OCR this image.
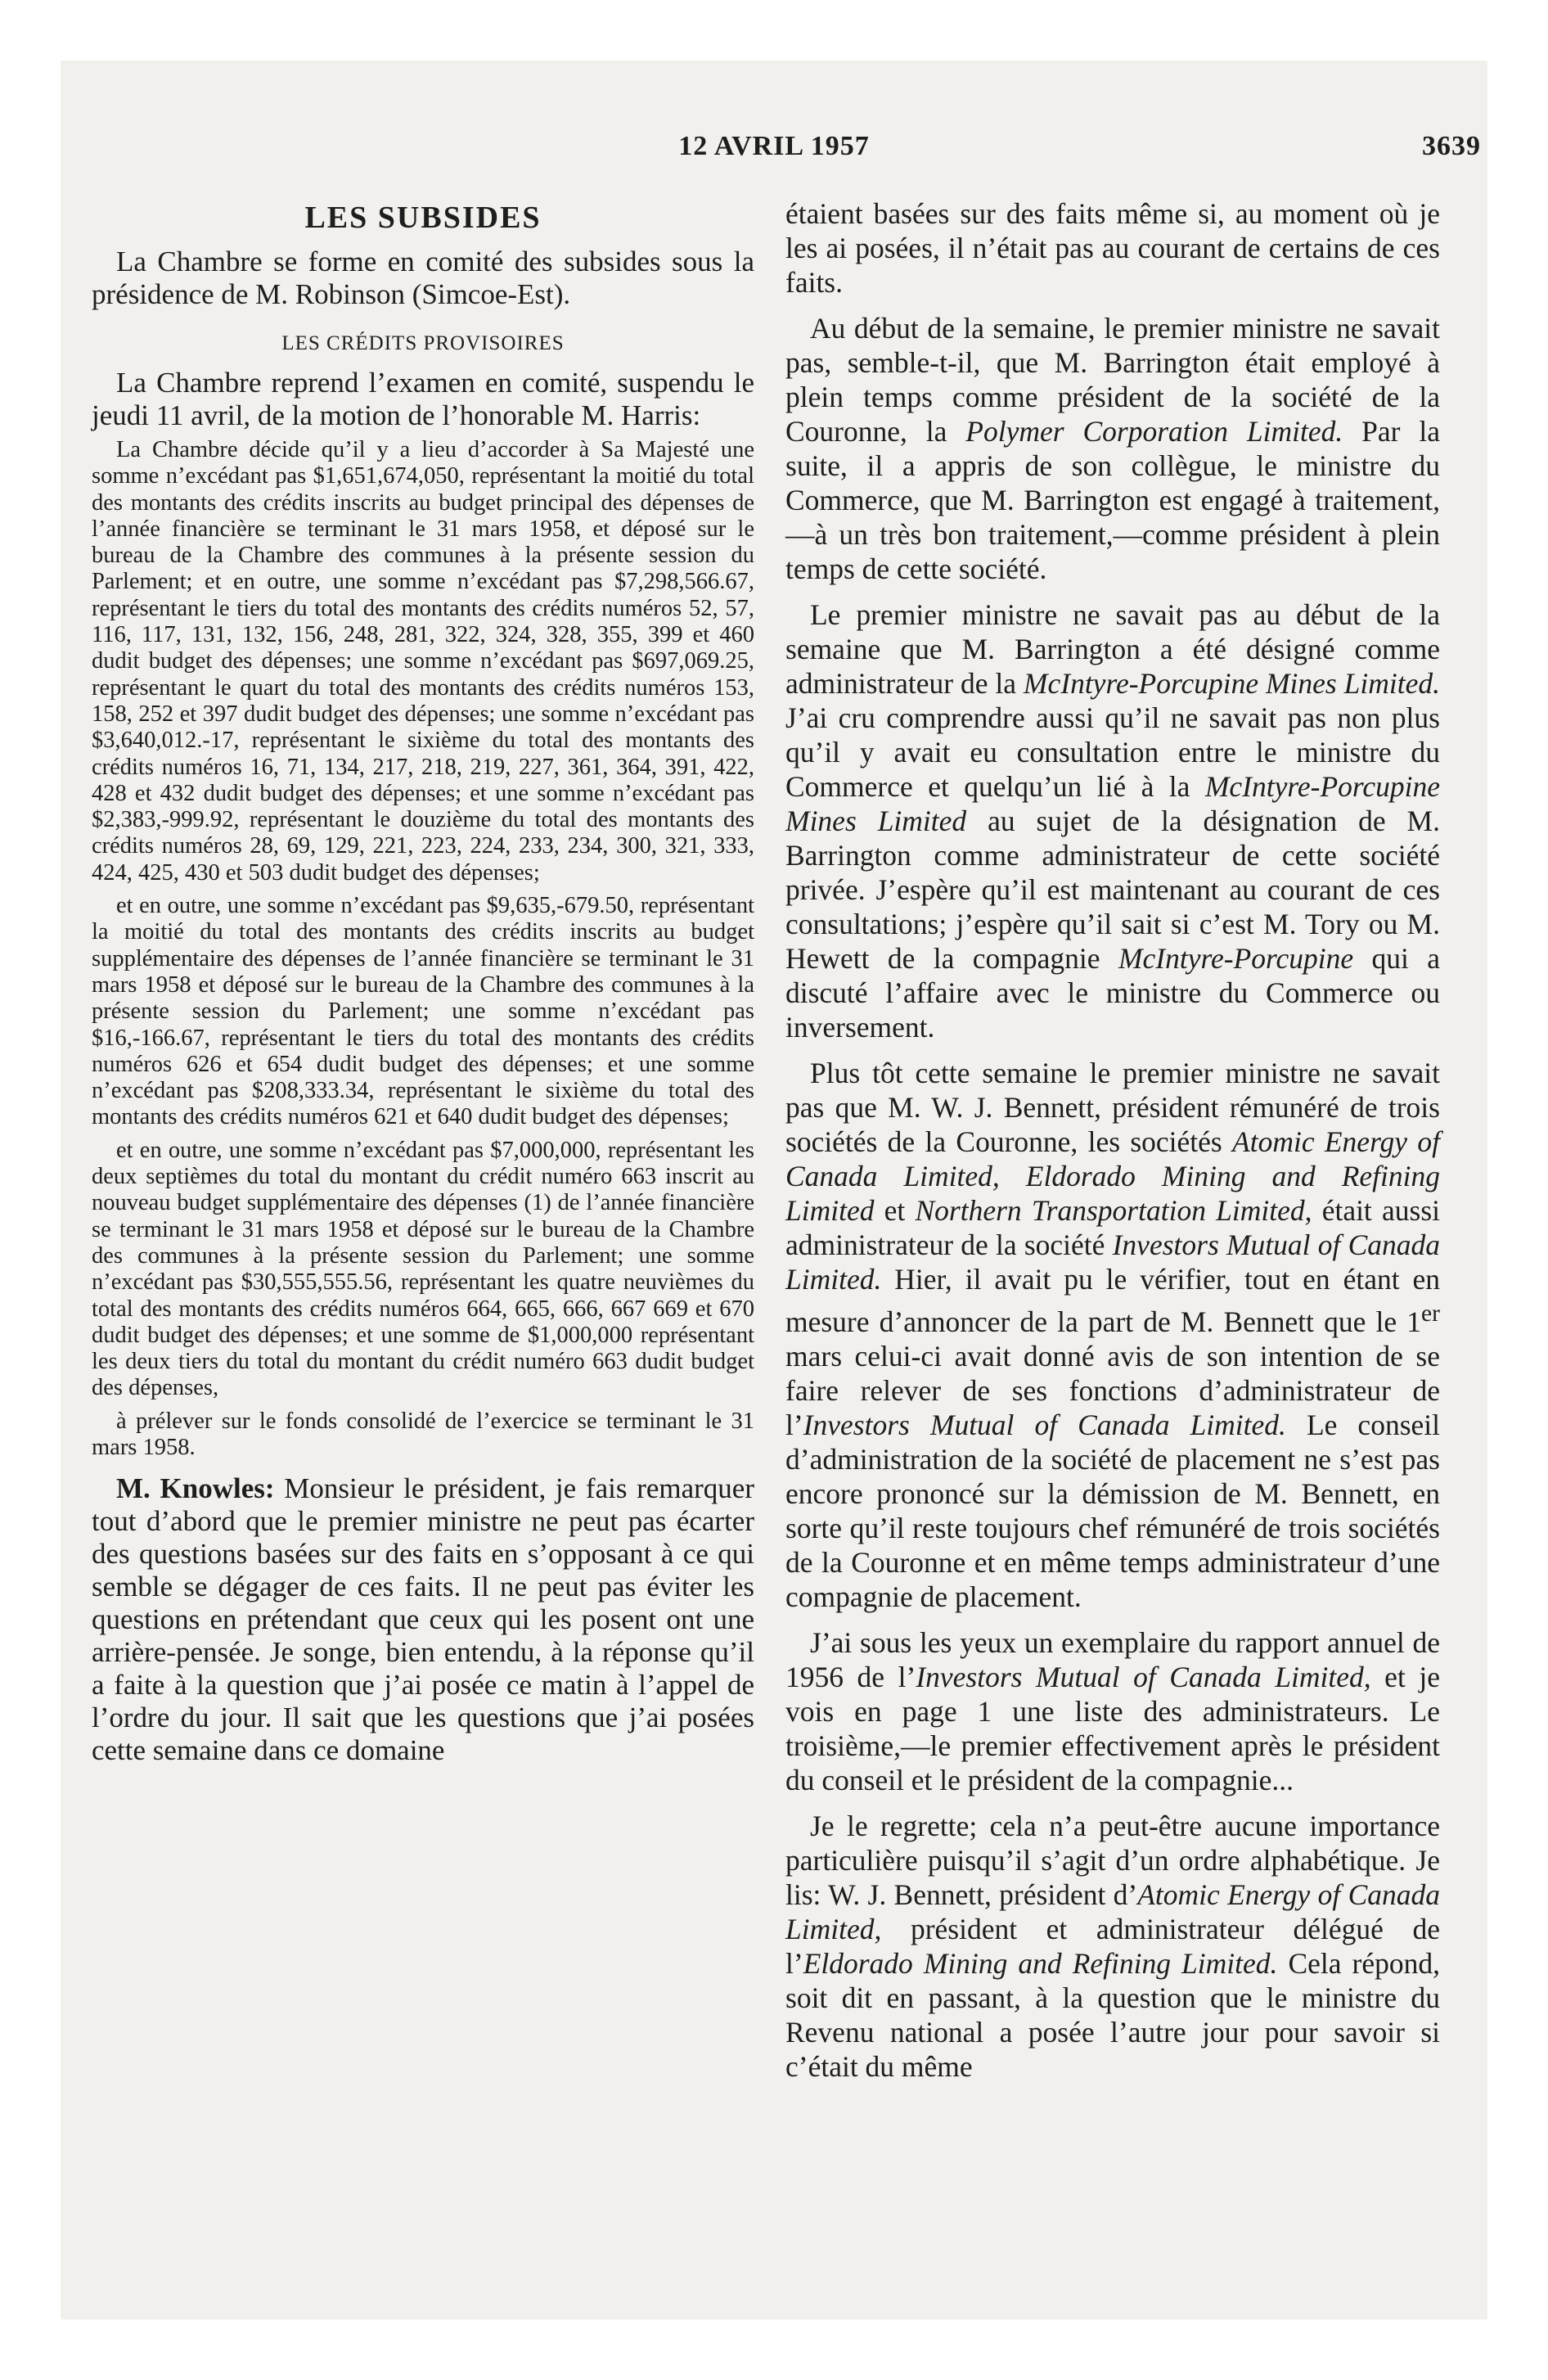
12 AVRIL 1957	3639
LES SUBSIDES

La Chambre se forme en comité des subsides sous la présidence de M. Robinson (Simcoe-Est).

LES CRÉDITS PROVISOIRES

La Chambre reprend l’examen en comité, suspendu le jeudi 11 avril, de la motion de l’honorable M. Harris:

La Chambre décide qu’il y a lieu d’accorder à Sa Majesté une somme n’excédant pas $1,651,674,050, représentant la moitié du total des montants des crédits inscrits au budget principal des dépenses de l’année financière se terminant le 31 mars 1958, et déposé sur le bureau de la Chambre des communes à la présente session du Parlement; et en outre, une somme n’excédant pas $7,298,566.67, représentant le tiers du total des montants des crédits numéros 52, 57, 116, 117, 131, 132, 156, 248, 281, 322, 324, 328, 355, 399 et 460 dudit budget des dépenses; une somme n’excédant pas $697,069.25, représentant le quart du total des montants des crédits numéros 153, 158, 252 et 397 dudit budget des dépenses; une somme n’excédant pas $3,640,012.-17, représentant le sixième du total des montants des crédits numéros 16, 71, 134, 217, 218, 219, 227, 361, 364, 391, 422, 428 et 432 dudit budget des dépenses; et une somme n’excédant pas $2,383,-999.92, représentant le douzième du total des montants des crédits numéros 28, 69, 129, 221, 223, 224, 233, 234, 300, 321, 333, 424, 425, 430 et 503 dudit budget des dépenses;

et en outre, une somme n’excédant pas $9,635,-679.50, représentant la moitié du total des montants des crédits inscrits au budget supplémentaire des dépenses de l’année financière se terminant le 31 mars 1958 et déposé sur le bureau de la Chambre des communes à la présente session du Parlement; une somme n’excédant pas $16,-166.67, représentant le tiers du total des montants des crédits numéros 626 et 654 dudit budget des dépenses; et une somme n’excédant pas $208,333.34, représentant le sixième du total des montants des crédits numéros 621 et 640 dudit budget des dépenses;

et en outre, une somme n’excédant pas $7,000,000, représentant les deux septièmes du total du montant du crédit numéro 663 inscrit au nouveau budget supplémentaire des dépenses (1) de l’année financière se terminant le 31 mars 1958 et déposé sur le bureau de la Chambre des communes à la présente session du Parlement; une somme n’excédant pas $30,555,555.56, représentant les quatre neuvièmes du total des montants des crédits numéros 664, 665, 666, 667 669 et 670 dudit budget des dépenses; et une somme de $1,000,000 représentant les deux tiers du total du montant du crédit numéro 663 dudit budget des dépenses,

à prélever sur le fonds consolidé de l’exercice se terminant le 31 mars 1958.

M. Knowles: Monsieur le président, je fais remarquer tout d’abord que le premier ministre ne peut pas écarter des questions basées sur des faits en s’opposant à ce qui semble se dégager de ces faits. Il ne peut pas éviter les questions en prétendant que ceux qui les posent ont une arrière-pensée. Je songe, bien entendu, à la réponse qu’il a faite à la question que j’ai posée ce matin à l’appel de l’ordre du jour. Il sait que les questions que j’ai posées cette semaine dans ce domaine

étaient basées sur des faits même si, au moment où je les ai posées, il n’était pas au courant de certains de ces faits.

Au début de la semaine, le premier ministre ne savait pas, semble-t-il, que M. Barrington était employé à plein temps comme président de la société de la Couronne, la Polymer Corporation Limited. Par la suite, il a appris de son collègue, le ministre du Commerce, que M. Barrington est engagé à traitement,—à un très bon traitement,—comme président à plein temps de cette société.

Le premier ministre ne savait pas au début de la semaine que M. Barrington a été désigné comme administrateur de la McIntyre-Porcupine Mines Limited. J’ai cru comprendre aussi qu’il ne savait pas non plus qu’il y avait eu consultation entre le ministre du Commerce et quelqu’un lié à la McIntyre-Porcupine Mines Limited au sujet de la désignation de M. Barrington comme administrateur de cette société privée. J’espère qu’il est maintenant au courant de ces consultations; j’espère qu’il sait si c’est M. Tory ou M. Hewett de la compagnie McIntyre-Porcupine qui a discuté l’affaire avec le ministre du Commerce ou inversement.

Plus tôt cette semaine le premier ministre ne savait pas que M. W. J. Bennett, président rémunéré de trois sociétés de la Couronne, les sociétés Atomic Energy of Canada Limited, Eldorado Mining and Refining Limited et Northern Transportation Limited, était aussi administrateur de la société Investors Mutual of Canada Limited. Hier, il avait pu le vérifier, tout en étant en mesure d’annoncer de la part de M. Bennett que le 1er mars celui-ci avait donné avis de son intention de se faire relever de ses fonctions d’administrateur de l’Investors Mutual of Canada Limited. Le conseil d’administration de la société de placement ne s’est pas encore prononcé sur la démission de M. Bennett, en sorte qu’il reste toujours chef rémunéré de trois sociétés de la Couronne et en même temps administrateur d’une compagnie de placement.

J’ai sous les yeux un exemplaire du rapport annuel de 1956 de l’Investors Mutual of Canada Limited, et je vois en page 1 une liste des administrateurs. Le troisième,—le premier effectivement après le président du conseil et le président de la compagnie...

Je le regrette; cela n’a peut-être aucune importance particulière puisqu’il s’agit d’un ordre alphabétique. Je lis: W. J. Bennett, président d’Atomic Energy of Canada Limited, président et administrateur délégué de l’Eldorado Mining and Refining Limited. Cela répond, soit dit en passant, à la question que le ministre du Revenu national a posée l’autre jour pour savoir si c’était du même
